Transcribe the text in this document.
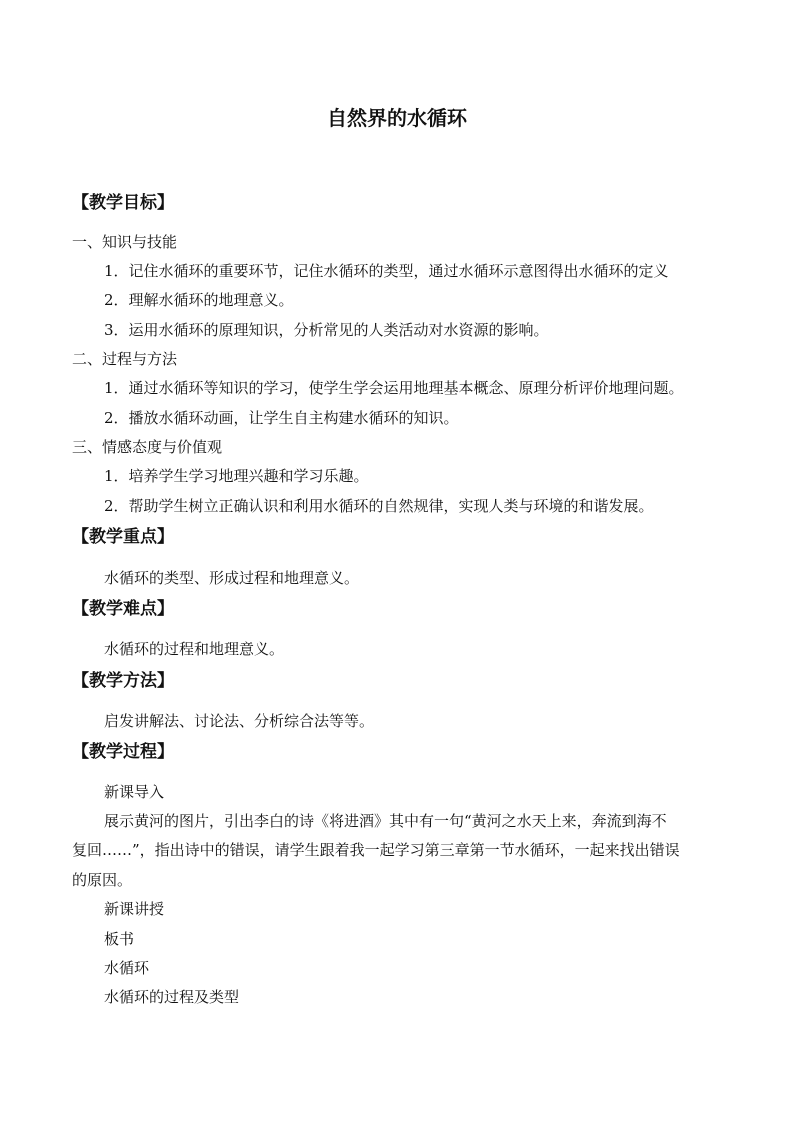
自然界的水循环

【教学目标】

一、知识与技能

1．记住水循环的重要环节，记住水循环的类型，通过水循环示意图得出水循环的定义

2．理解水循环的地理意义。

3．运用水循环的原理知识，分析常见的人类活动对水资源的影响。

二、过程与方法

1．通过水循环等知识的学习，使学生学会运用地理基本概念、原理分析评价地理问题。

2．播放水循环动画，让学生自主构建水循环的知识。

三、情感态度与价值观

1．培养学生学习地理兴趣和学习乐趣。

2．帮助学生树立正确认识和利用水循环的自然规律，实现人类与环境的和谐发展。

【教学重点】

水循环的类型、形成过程和地理意义。

【教学难点】

水循环的过程和地理意义。

【教学方法】

启发讲解法、讨论法、分析综合法等等。

【教学过程】

新课导入

展示黄河的图片，引出李白的诗《将进酒》其中有一句“黄河之水天上来，奔流到海不

复回……”，指出诗中的错误，请学生跟着我一起学习第三章第一节水循环，一起来找出错误

的原因。

新课讲授

板书

水循环

水循环的过程及类型
